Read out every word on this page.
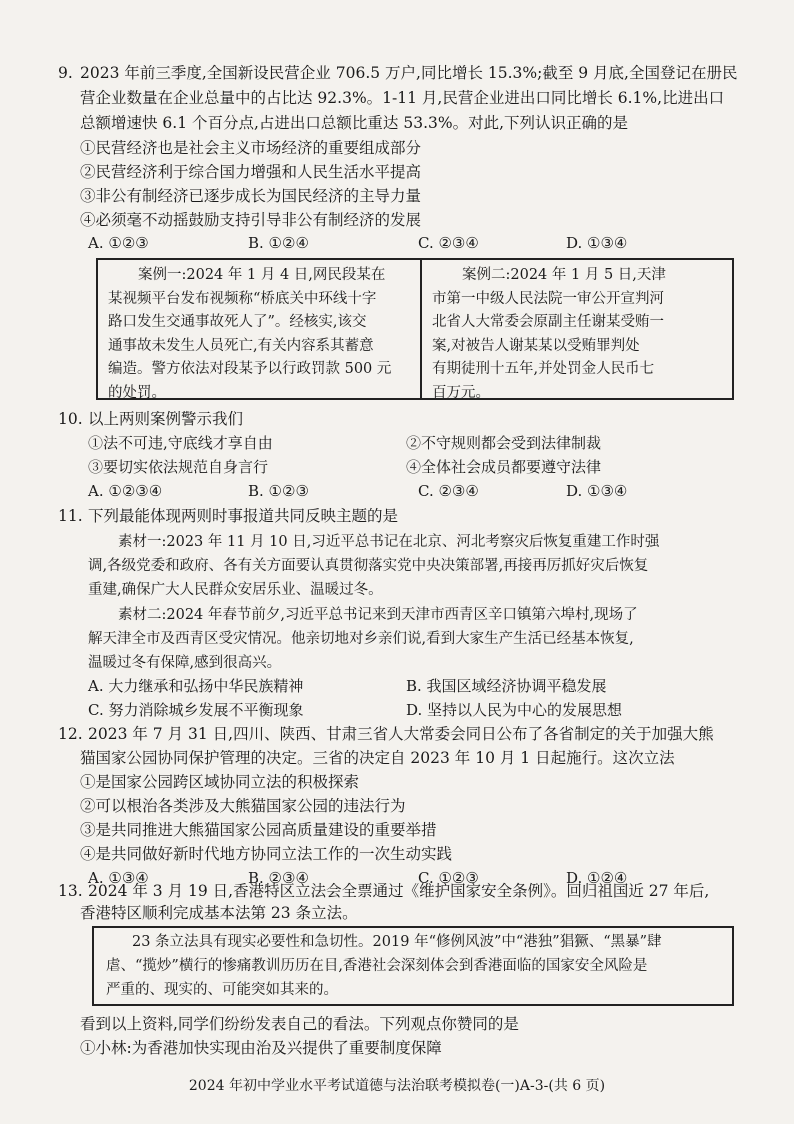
9. 2023 年前三季度,全国新设民营企业 706.5 万户,同比增长 15.3%;截至 9 月底,全国登记在册民
营企业数量在企业总量中的占比达 92.3%。1-11 月,民营企业进出口同比增长 6.1%,比进出口
总额增速快 6.1 个百分点,占进出口总额比重达 53.3%。对此,下列认识正确的是
①民营经济也是社会主义市场经济的重要组成部分
②民营经济利于综合国力增强和人民生活水平提高
③非公有制经济已逐步成长为国民经济的主导力量
④必须毫不动摇鼓励支持引导非公有制经济的发展
A. ①②③	B. ①②④	C. ②③④	D. ①③④
案例一:2024 年 1 月 4 日,网民段某在
某视频平台发布视频称“桥底关中环线十字
路口发生交通事故死人了”。经核实,该交
通事故未发生人员死亡,有关内容系其蓄意
编造。警方依法对段某予以行政罚款 500 元
的处罚。
案例二:2024 年 1 月 5 日,天津
市第一中级人民法院一审公开宣判河
北省人大常委会原副主任谢某受贿一
案,对被告人谢某某以受贿罪判处
有期徒刑十五年,并处罚金人民币七
百万元。
10. 以上两则案例警示我们
①法不可违,守底线才享自由	②不守规则都会受到法律制裁
③要切实依法规范自身言行	④全体社会成员都要遵守法律
A. ①②③④	B. ①②③	C. ②③④	D. ①③④
11. 下列最能体现两则时事报道共同反映主题的是
素材一:2023 年 11 月 10 日,习近平总书记在北京、河北考察灾后恢复重建工作时强
调,各级党委和政府、各有关方面要认真贯彻落实党中央决策部署,再接再厉抓好灾后恢复
重建,确保广大人民群众安居乐业、温暖过冬。
素材二:2024 年春节前夕,习近平总书记来到天津市西青区辛口镇第六埠村,现场了
解天津全市及西青区受灾情况。他亲切地对乡亲们说,看到大家生产生活已经基本恢复,
温暖过冬有保障,感到很高兴。
A. 大力继承和弘扬中华民族精神	B. 我国区域经济协调平稳发展
C. 努力消除城乡发展不平衡现象	D. 坚持以人民为中心的发展思想
12. 2023 年 7 月 31 日,四川、陕西、甘肃三省人大常委会同日公布了各省制定的关于加强大熊
猫国家公园协同保护管理的决定。三省的决定自 2023 年 10 月 1 日起施行。这次立法
①是国家公园跨区域协同立法的积极探索
②可以根治各类涉及大熊猫国家公园的违法行为
③是共同推进大熊猫国家公园高质量建设的重要举措
④是共同做好新时代地方协同立法工作的一次生动实践
A. ①③④	B. ②③④	C. ①②③	D. ①②④
13. 2024 年 3 月 19 日,香港特区立法会全票通过《维护国家安全条例》。回归祖国近 27 年后,
香港特区顺利完成基本法第 23 条立法。
23 条立法具有现实必要性和急切性。2019 年“修例风波”中“港独”猖獗、“黑暴”肆
虐、“揽炒”横行的惨痛教训历历在目,香港社会深刻体会到香港面临的国家安全风险是
严重的、现实的、可能突如其来的。
看到以上资料,同学们纷纷发表自己的看法。下列观点你赞同的是
①小林:为香港加快实现由治及兴提供了重要制度保障
2024 年初中学业水平考试道德与法治联考模拟卷(一)A-3-(共 6 页)
